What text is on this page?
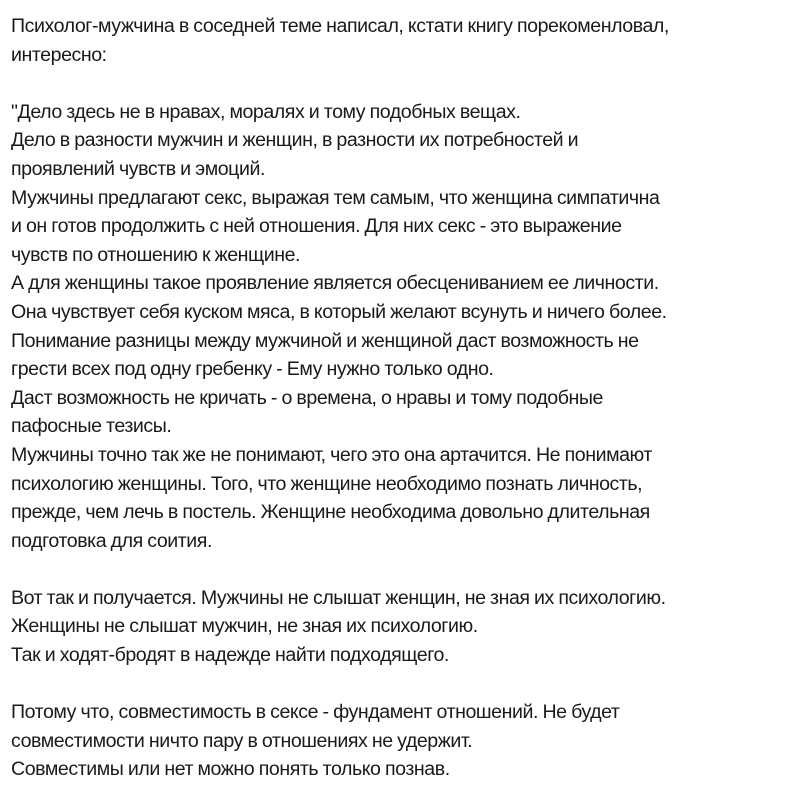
Психолог-мужчина в соседней теме написал, кстати книгу порекоменловал,
интересно:
"Дело здесь не в нравах, моралях и тому подобных вещах.
Дело в разности мужчин и женщин, в разности их потребностей и
проявлений чувств и эмоций.
Мужчины предлагают секс, выражая тем самым, что женщина симпатична
и он готов продолжить с ней отношения. Для них секс - это выражение
чувств по отношению к женщине.
А для женщины такое проявление является обесцениванием ее личности.
Она чувствует себя куском мяса, в который желают всунуть и ничего более.
Понимание разницы между мужчиной и женщиной даст возможность не
грести всех под одну гребенку - Ему нужно только одно.
Даст возможность не кричать - о времена, о нравы и тому подобные
пафосные тезисы.
Мужчины точно так же не понимают, чего это она артачится. Не понимают
психологию женщины. Того, что женщине необходимо познать личность,
прежде, чем лечь в постель. Женщине необходима довольно длительная
подготовка для соития.
Вот так и получается. Мужчины не слышат женщин, не зная их психологию.
Женщины не слышат мужчин, не зная их психологию.
Так и ходят-бродят в надежде найти подходящего.
Потому что, совместимость в сексе - фундамент отношений. Не будет
совместимости ничто пару в отношениях не удержит.
Совместимы или нет можно понять только познав.
